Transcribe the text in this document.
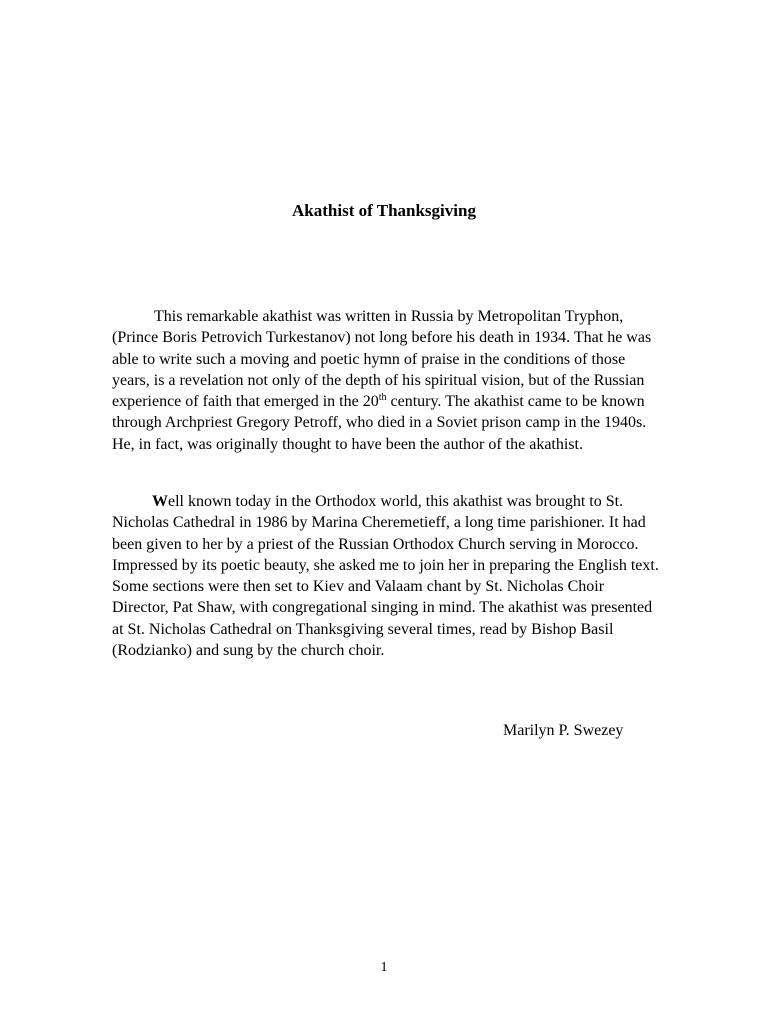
Akathist of Thanksgiving

This remarkable akathist was written in Russia by Metropolitan Tryphon, (Prince Boris Petrovich Turkestanov) not long before his death in 1934. That he was able to write such a moving and poetic hymn of praise in the conditions of those years, is a revelation not only of the depth of his spiritual vision, but of the Russian experience of faith that emerged in the 20th century. The akathist came to be known through Archpriest Gregory Petroff, who died in a Soviet prison camp in the 1940s. He, in fact, was originally thought to have been the author of the akathist.

Well known today in the Orthodox world, this akathist was brought to St. Nicholas Cathedral in 1986 by Marina Cheremetieff, a long time parishioner. It had been given to her by a priest of the Russian Orthodox Church serving in Morocco. Impressed by its poetic beauty, she asked me to join her in preparing the English text. Some sections were then set to Kiev and Valaam chant by St. Nicholas Choir Director, Pat Shaw, with congregational singing in mind. The akathist was presented at St. Nicholas Cathedral on Thanksgiving several times, read by Bishop Basil (Rodzianko) and sung by the church choir.

Marilyn P. Swezey
1
